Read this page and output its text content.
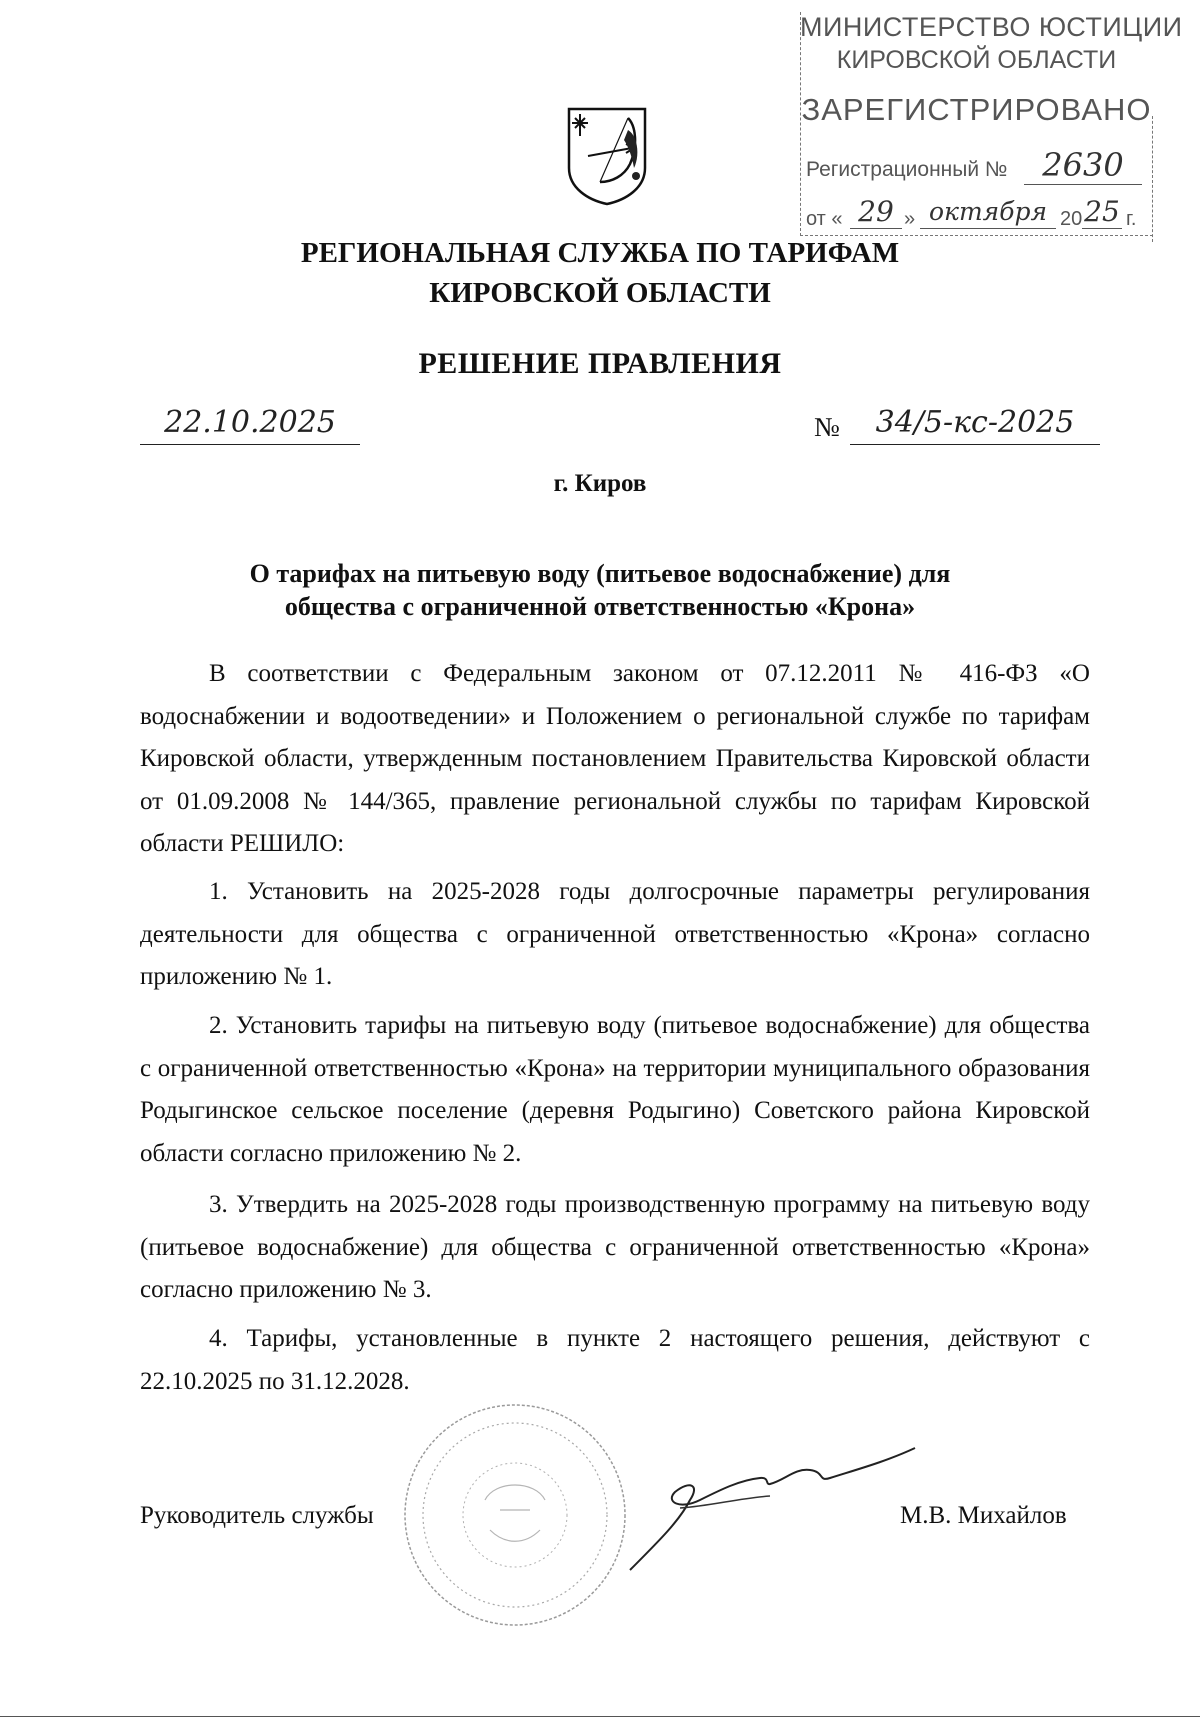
МИНИСТЕРСТВО ЮСТИЦИИ
КИРОВСКОЙ ОБЛАСТИ
ЗАРЕГИСТРИРОВАНО
Регистрационный №	2630
от « 29 » октября 20 25 г.
РЕГИОНАЛЬНАЯ СЛУЖБА ПО ТАРИФАМ
КИРОВСКОЙ ОБЛАСТИ
РЕШЕНИЕ ПРАВЛЕНИЯ
22.10.2025	№	34/5-кс-2025
г. Киров
О тарифах на питьевую воду (питьевое водоснабжение) для
общества с ограниченной ответственностью «Крона»

В соответствии с Федеральным законом от 07.12.2011 № 416-ФЗ «О водоснабжении и водоотведении» и Положением о региональной службе по тарифам Кировской области, утвержденным постановлением Правительства Кировской области от 01.09.2008 № 144/365, правление региональной службы по тарифам Кировской области РЕШИЛО:

1. Установить на 2025-2028 годы долгосрочные параметры регулирования деятельности для общества с ограниченной ответственностью «Крона» согласно приложению № 1.

2. Установить тарифы на питьевую воду (питьевое водоснабжение) для общества с ограниченной ответственностью «Крона» на территории муниципального образования Родыгинское сельское поселение (деревня Родыгино) Советского района Кировской области согласно приложению № 2.

3. Утвердить на 2025-2028 годы производственную программу на питьевую воду (питьевое водоснабжение) для общества с ограниченной ответственностью «Крона» согласно приложению № 3.

4. Тарифы, установленные в пункте 2 настоящего решения, действуют с 22.10.2025 по 31.12.2028.

Руководитель службы	М.В. Михайлов
